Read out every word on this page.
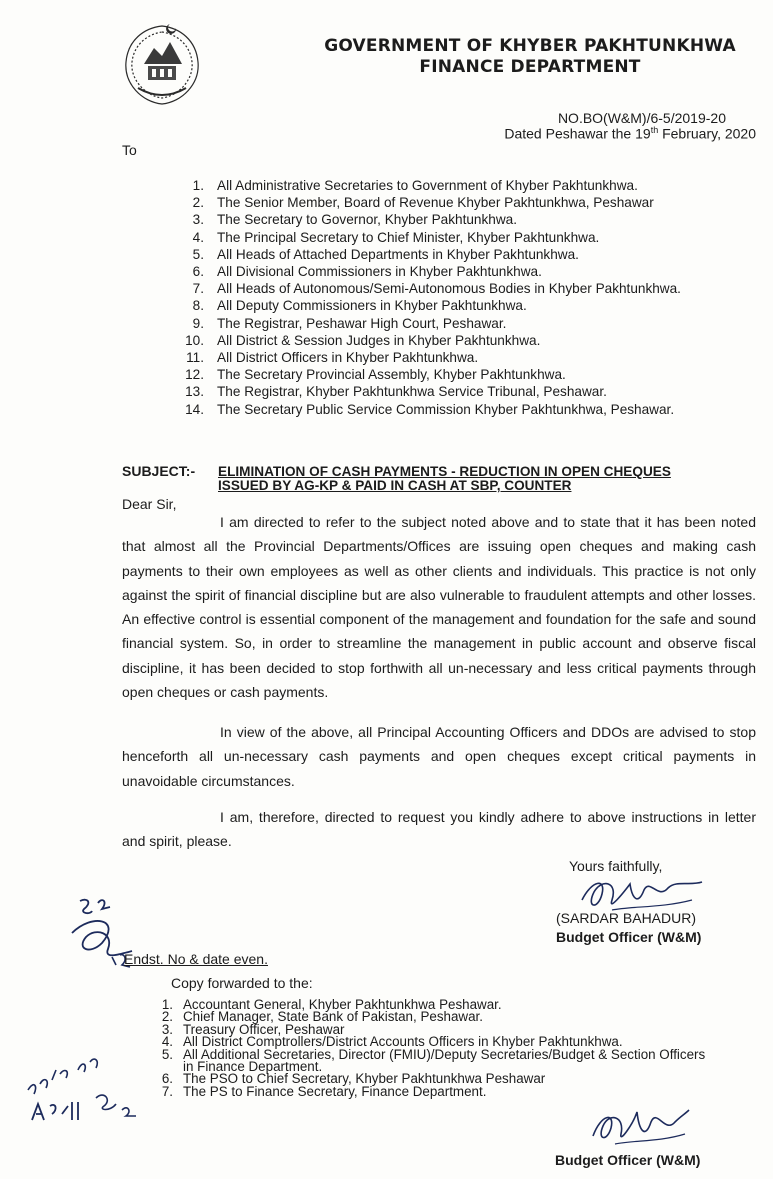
GOVERNMENT OF KHYBER PAKHTUNKHWA
FINANCE DEPARTMENT
NO.BO(W&M)/6-5/2019-20
Dated Peshawar the 19th February, 2020
To
1. All Administrative Secretaries to Government of Khyber Pakhtunkhwa.
2. The Senior Member, Board of Revenue Khyber Pakhtunkhwa, Peshawar
3. The Secretary to Governor, Khyber Pakhtunkhwa.
4. The Principal Secretary to Chief Minister, Khyber Pakhtunkhwa.
5. All Heads of Attached Departments in Khyber Pakhtunkhwa.
6. All Divisional Commissioners in Khyber Pakhtunkhwa.
7. All Heads of Autonomous/Semi-Autonomous Bodies in Khyber Pakhtunkhwa.
8. All Deputy Commissioners in Khyber Pakhtunkhwa.
9. The Registrar, Peshawar High Court, Peshawar.
10. All District & Session Judges in Khyber Pakhtunkhwa.
11. All District Officers in Khyber Pakhtunkhwa.
12. The Secretary Provincial Assembly, Khyber Pakhtunkhwa.
13. The Registrar, Khyber Pakhtunkhwa Service Tribunal, Peshawar.
14. The Secretary Public Service Commission Khyber Pakhtunkhwa, Peshawar.
SUBJECT:- ELIMINATION OF CASH PAYMENTS - REDUCTION IN OPEN CHEQUES
ISSUED BY AG-KP & PAID IN CASH AT SBP, COUNTER
Dear Sir,
I am directed to refer to the subject noted above and to state that it has been noted that almost all the Provincial Departments/Offices are issuing open cheques and making cash payments to their own employees as well as other clients and individuals. This practice is not only against the spirit of financial discipline but are also vulnerable to fraudulent attempts and other losses. An effective control is essential component of the management and foundation for the safe and sound financial system. So, in order to streamline the management in public account and observe fiscal discipline, it has been decided to stop forthwith all un-necessary and less critical payments through open cheques or cash payments.
In view of the above, all Principal Accounting Officers and DDOs are advised to stop henceforth all un-necessary cash payments and open cheques except critical payments in unavoidable circumstances.
I am, therefore, directed to request you kindly adhere to above instructions in letter and spirit, please.
Yours faithfully,
(SARDAR BAHADUR)
Budget Officer (W&M)
Endst. No & date even.
Copy forwarded to the:
1. Accountant General, Khyber Pakhtunkhwa Peshawar.
2. Chief Manager, State Bank of Pakistan, Peshawar.
3. Treasury Officer, Peshawar
4. All District Comptrollers/District Accounts Officers in Khyber Pakhtunkhwa.
5. All Additional Secretaries, Director (FMIU)/Deputy Secretaries/Budget & Section Officers
in Finance Department.
6. The PSO to Chief Secretary, Khyber Pakhtunkhwa Peshawar
7. The PS to Finance Secretary, Finance Department.
Budget Officer (W&M)
